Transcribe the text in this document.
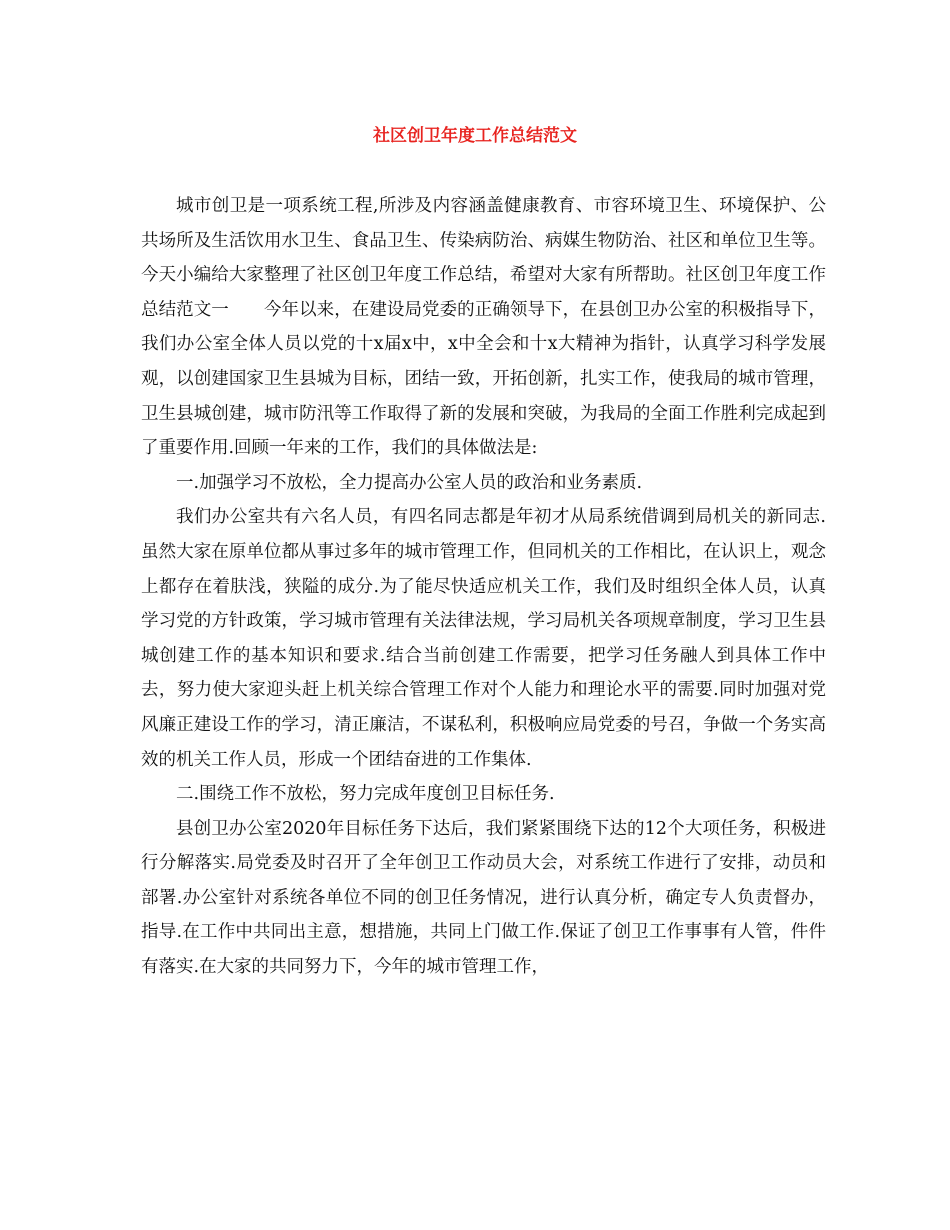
社区创卫年度工作总结范文

城市创卫是一项系统工程,所涉及内容涵盖健康教育、市容环境卫生、环境保护、公共场所及生活饮用水卫生、食品卫生、传染病防治、病媒生物防治、社区和单位卫生等。今天小编给大家整理了社区创卫年度工作总结，希望对大家有所帮助。社区创卫年度工作总结范文一　　今年以来，在建设局党委的正确领导下，在县创卫办公室的积极指导下，我们办公室全体人员以党的十x届x中，x中全会和十x大精神为指针，认真学习科学发展观，以创建国家卫生县城为目标，团结一致，开拓创新，扎实工作，使我局的城市管理，卫生县城创建，城市防汛等工作取得了新的发展和突破，为我局的全面工作胜利完成起到了重要作用.回顾一年来的工作，我们的具体做法是:

一.加强学习不放松，全力提高办公室人员的政治和业务素质.

我们办公室共有六名人员，有四名同志都是年初才从局系统借调到局机关的新同志.虽然大家在原单位都从事过多年的城市管理工作，但同机关的工作相比，在认识上，观念上都存在着肤浅，狭隘的成分.为了能尽快适应机关工作，我们及时组织全体人员，认真学习党的方针政策，学习城市管理有关法律法规，学习局机关各项规章制度，学习卫生县城创建工作的基本知识和要求.结合当前创建工作需要，把学习任务融人到具体工作中去，努力使大家迎头赶上机关综合管理工作对个人能力和理论水平的需要.同时加强对党风廉正建设工作的学习，清正廉洁，不谋私利，积极响应局党委的号召，争做一个务实高效的机关工作人员，形成一个团结奋进的工作集体.

二.围绕工作不放松，努力完成年度创卫目标任务.

县创卫办公室2020年目标任务下达后，我们紧紧围绕下达的12个大项任务，积极进行分解落实.局党委及时召开了全年创卫工作动员大会，对系统工作进行了安排，动员和部署.办公室针对系统各单位不同的创卫任务情况，进行认真分析，确定专人负责督办，指导.在工作中共同出主意，想措施，共同上门做工作.保证了创卫工作事事有人管，件件有落实.在大家的共同努力下，今年的城市管理工作，
